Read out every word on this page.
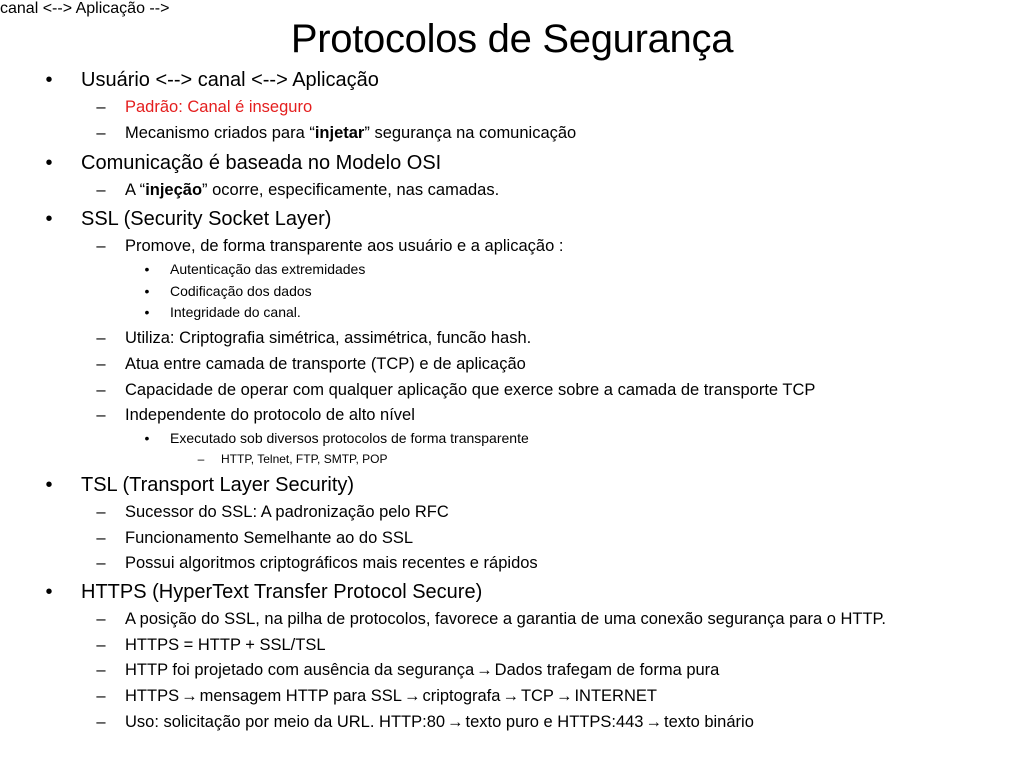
Protocolos de Segurança
canal <--> Aplicação -->
•	Usuário <--> canal <--> Aplicação
–	Padrão: Canal é inseguro
–	Mecanismo criados para “injetar” segurança na comunicação
•	Comunicação é baseada no Modelo OSI
–	A “injeção” ocorre, especificamente, nas camadas.
•	SSL (Security Socket Layer)
–	Promove, de forma transparente aos usuário e a aplicação :
•	Autenticação das extremidades
•	Codificação dos dados
•	Integridade do canal.
–	Utiliza: Criptografia simétrica, assimétrica, funcão hash.
–	Atua entre camada de transporte (TCP) e de aplicação
–	Capacidade de operar com qualquer aplicação que exerce sobre a camada de transporte TCP
–	Independente do protocolo de alto nível
•	Executado sob diversos protocolos de forma transparente
–	HTTP, Telnet, FTP, SMTP, POP
•	TSL (Transport Layer Security)
–	Sucessor do SSL: A padronização pelo RFC
–	Funcionamento Semelhante ao do SSL
–	Possui algoritmos criptográficos mais recentes e rápidos
•	HTTPS (HyperText Transfer Protocol Secure)
–	A posição do SSL, na pilha de protocolos, favorece a garantia de uma conexão segurança para o HTTP.
–	HTTPS = HTTP + SSL/TSL
–	HTTP foi projetado com ausência da segurança → Dados trafegam de forma pura
–	HTTPS → mensagem HTTP para SSL → criptografa → TCP → INTERNET
–	Uso: solicitação por meio da URL. HTTP:80 → texto puro e HTTPS:443 → texto binário
